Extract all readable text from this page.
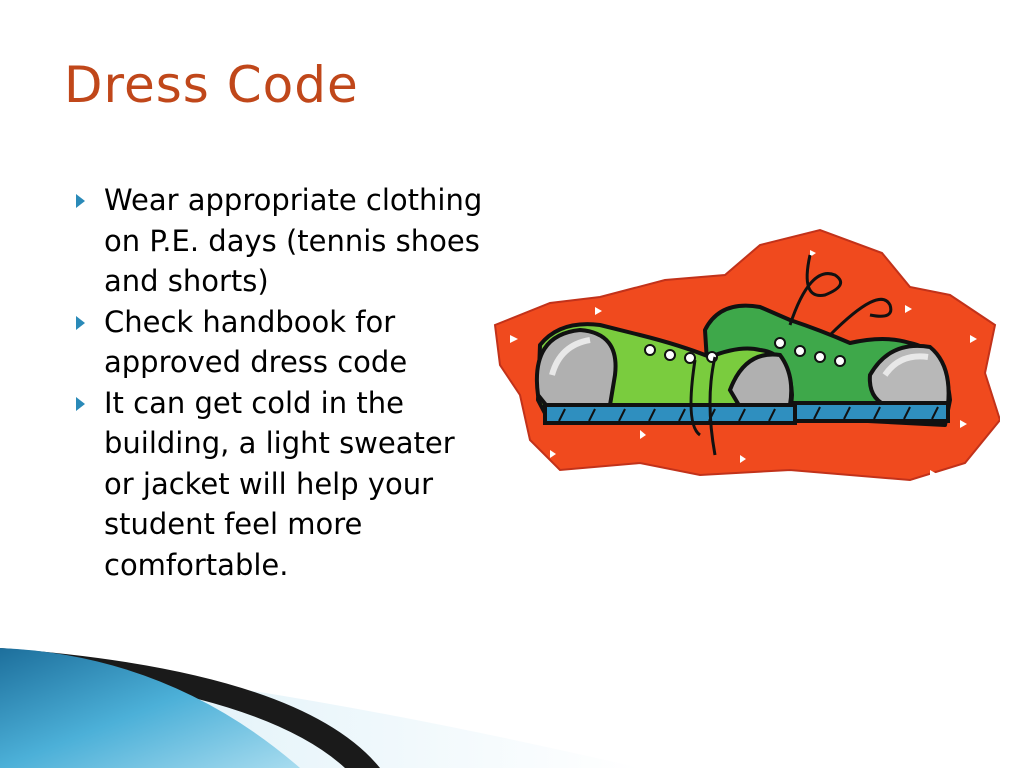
Dress Code
Wear appropriate clothing on P.E. days (tennis shoes and shorts)
Check handbook for approved dress code
It can get cold in the building, a light sweater or jacket will help your student feel more comfortable.
